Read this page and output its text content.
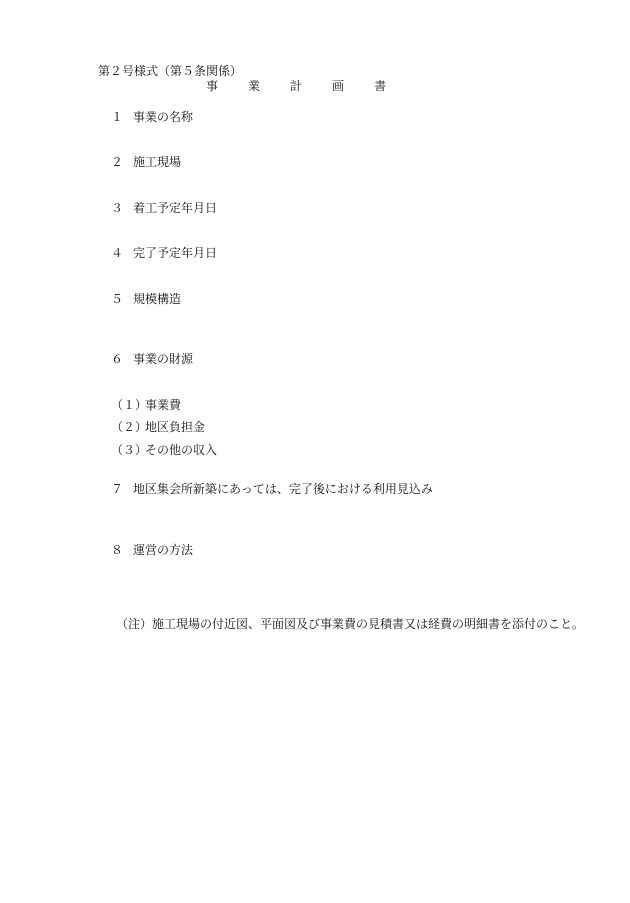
第２号様式（第５条関係）
事	業	計	画	書
１ 事業の名称
２ 施工現場
３ 着工予定年月日
４ 完了予定年月日
５ 規模構造
６ 事業の財源
（１）事業費
（２）地区負担金
（３）その他の収入
７ 地区集会所新築にあっては、完了後における利用見込み
８ 運営の方法
（注）施工現場の付近図、平面図及び事業費の見積書又は経費の明細書を添付のこと。
